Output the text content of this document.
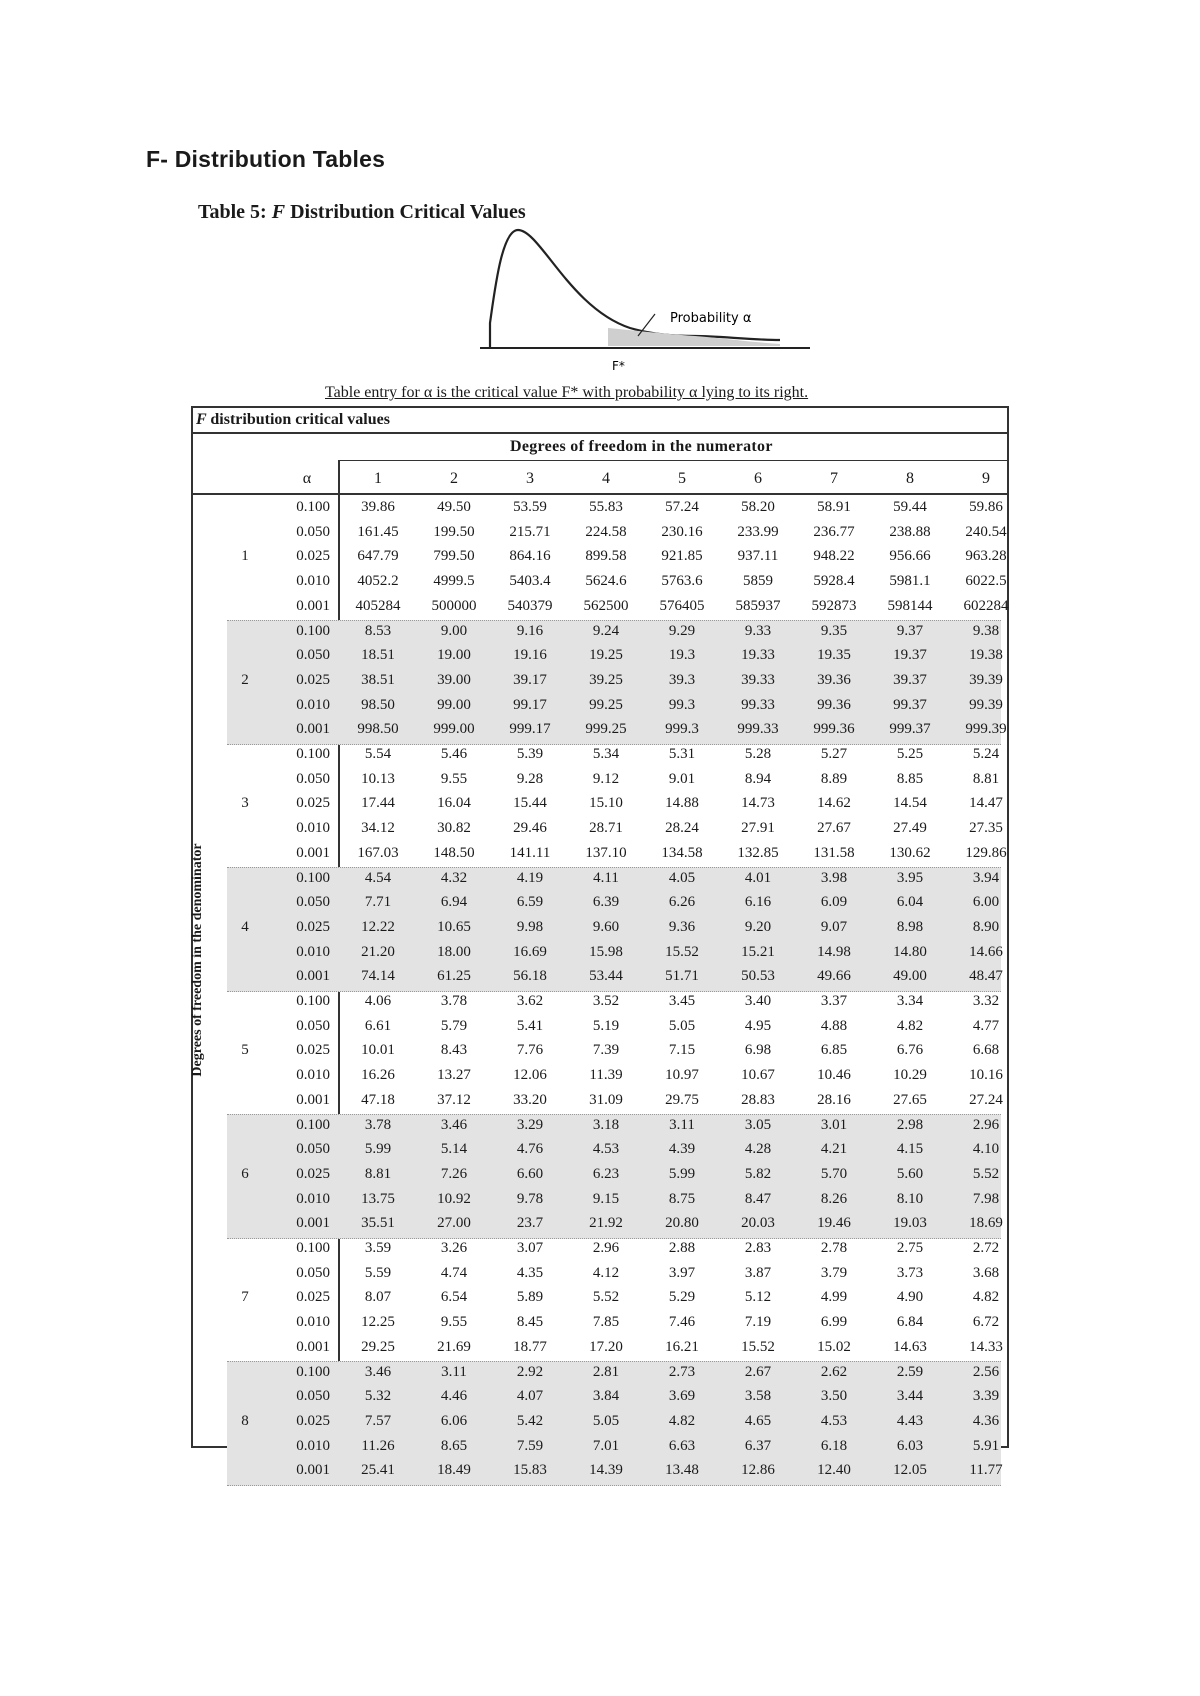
F- Distribution Tables
Table 5: F Distribution Critical Values
Probability α
F*
Table entry for α is the critical value F* with probability α lying to its right.
F distribution critical values
Degrees of freedom in the numerator
Degrees of freedom in the denominator
α	1	2	3	4	5	6	7	8	9
1
0.100	39.86	49.50	53.59	55.83	57.24	58.20	58.91	59.44	59.86
0.050	161.45	199.50	215.71	224.58	230.16	233.99	236.77	238.88	240.54
0.025	647.79	799.50	864.16	899.58	921.85	937.11	948.22	956.66	963.28
0.010	4052.2	4999.5	5403.4	5624.6	5763.6	5859	5928.4	5981.1	6022.5
0.001	405284	500000	540379	562500	576405	585937	592873	598144	602284
2
0.100	8.53	9.00	9.16	9.24	9.29	9.33	9.35	9.37	9.38
0.050	18.51	19.00	19.16	19.25	19.3	19.33	19.35	19.37	19.38
0.025	38.51	39.00	39.17	39.25	39.3	39.33	39.36	39.37	39.39
0.010	98.50	99.00	99.17	99.25	99.3	99.33	99.36	99.37	99.39
0.001	998.50	999.00	999.17	999.25	999.3	999.33	999.36	999.37	999.39
3
0.100	5.54	5.46	5.39	5.34	5.31	5.28	5.27	5.25	5.24
0.050	10.13	9.55	9.28	9.12	9.01	8.94	8.89	8.85	8.81
0.025	17.44	16.04	15.44	15.10	14.88	14.73	14.62	14.54	14.47
0.010	34.12	30.82	29.46	28.71	28.24	27.91	27.67	27.49	27.35
0.001	167.03	148.50	141.11	137.10	134.58	132.85	131.58	130.62	129.86
4
0.100	4.54	4.32	4.19	4.11	4.05	4.01	3.98	3.95	3.94
0.050	7.71	6.94	6.59	6.39	6.26	6.16	6.09	6.04	6.00
0.025	12.22	10.65	9.98	9.60	9.36	9.20	9.07	8.98	8.90
0.010	21.20	18.00	16.69	15.98	15.52	15.21	14.98	14.80	14.66
0.001	74.14	61.25	56.18	53.44	51.71	50.53	49.66	49.00	48.47
5
0.100	4.06	3.78	3.62	3.52	3.45	3.40	3.37	3.34	3.32
0.050	6.61	5.79	5.41	5.19	5.05	4.95	4.88	4.82	4.77
0.025	10.01	8.43	7.76	7.39	7.15	6.98	6.85	6.76	6.68
0.010	16.26	13.27	12.06	11.39	10.97	10.67	10.46	10.29	10.16
0.001	47.18	37.12	33.20	31.09	29.75	28.83	28.16	27.65	27.24
6
0.100	3.78	3.46	3.29	3.18	3.11	3.05	3.01	2.98	2.96
0.050	5.99	5.14	4.76	4.53	4.39	4.28	4.21	4.15	4.10
0.025	8.81	7.26	6.60	6.23	5.99	5.82	5.70	5.60	5.52
0.010	13.75	10.92	9.78	9.15	8.75	8.47	8.26	8.10	7.98
0.001	35.51	27.00	23.7	21.92	20.80	20.03	19.46	19.03	18.69
7
0.100	3.59	3.26	3.07	2.96	2.88	2.83	2.78	2.75	2.72
0.050	5.59	4.74	4.35	4.12	3.97	3.87	3.79	3.73	3.68
0.025	8.07	6.54	5.89	5.52	5.29	5.12	4.99	4.90	4.82
0.010	12.25	9.55	8.45	7.85	7.46	7.19	6.99	6.84	6.72
0.001	29.25	21.69	18.77	17.20	16.21	15.52	15.02	14.63	14.33
8
0.100	3.46	3.11	2.92	2.81	2.73	2.67	2.62	2.59	2.56
0.050	5.32	4.46	4.07	3.84	3.69	3.58	3.50	3.44	3.39
0.025	7.57	6.06	5.42	5.05	4.82	4.65	4.53	4.43	4.36
0.010	11.26	8.65	7.59	7.01	6.63	6.37	6.18	6.03	5.91
0.001	25.41	18.49	15.83	14.39	13.48	12.86	12.40	12.05	11.77
